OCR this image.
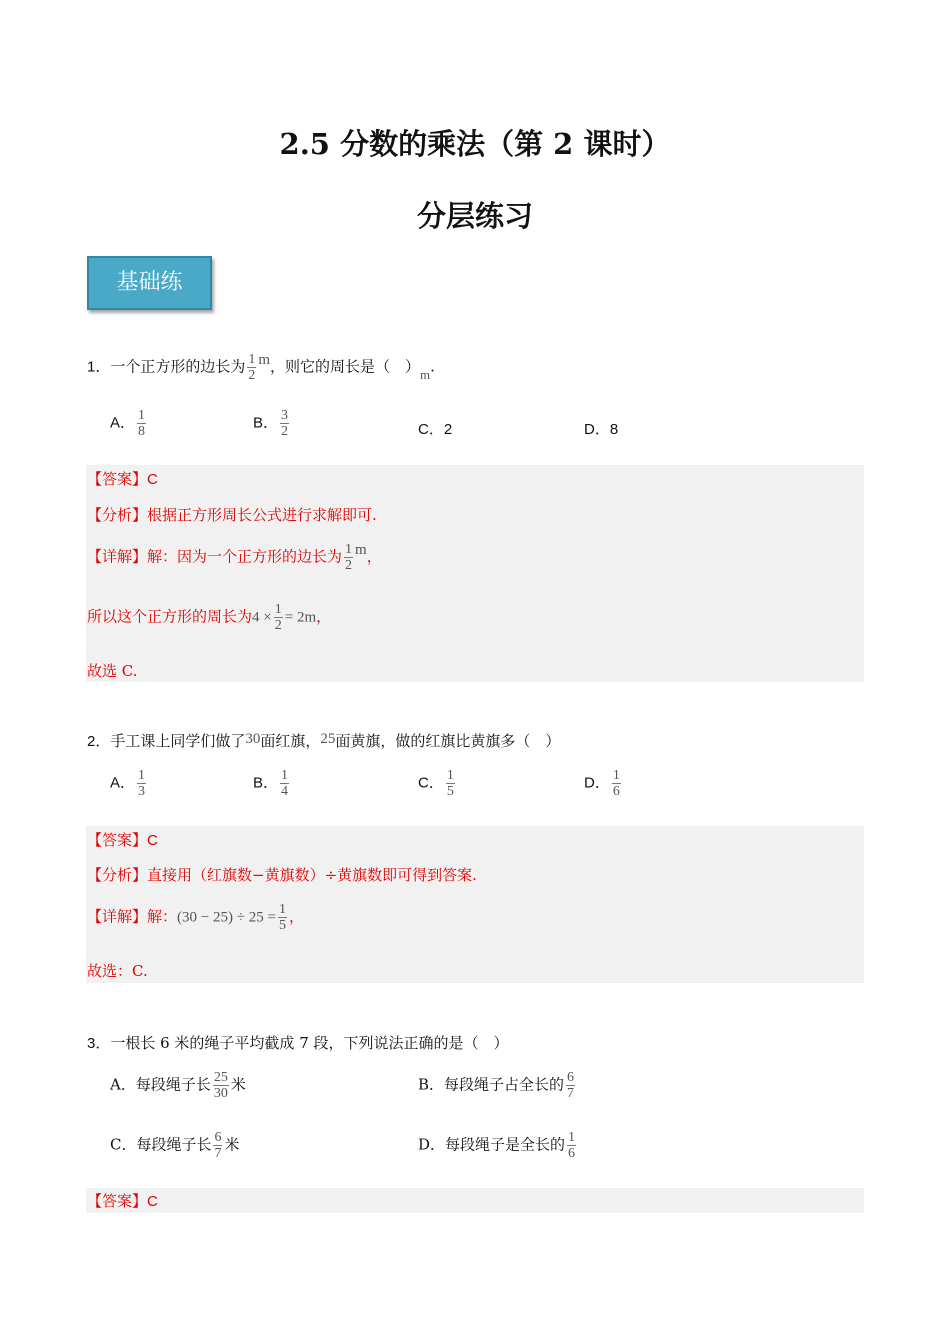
2.5 分数的乘法（第 2 课时）
分层练习
基础练
1．一个正方形的边长为 $\frac{1}{2}$ m，则它的周长是（　）m.
A． $\frac{1}{8}$	B． $\frac{3}{2}$	C．2	D．8
【答案】C
【分析】根据正方形周长公式进行求解即可.
【详解】解：因为一个正方形的边长为 $\frac{1}{2}$ m，
所以这个正方形的周长为$4 \times \frac{1}{2} = 2m$，
故选 C.
2．手工课上同学们做了30面红旗，25面黄旗，做的红旗比黄旗多（　）
A． $\frac{1}{3}$	B． $\frac{1}{4}$	C． $\frac{1}{5}$	D． $\frac{1}{6}$
【答案】C
【分析】直接用（红旗数−黄旗数）÷黄旗数即可得到答案.
【详解】解：$(30 - 25) \div 25 = \frac{1}{5}$ ，
故选：C.
3．一根长 6 米的绳子平均截成 7 段，下列说法正确的是（　）
A．每段绳子长 $\frac{25}{30}$ 米	B．每段绳子占全长的 $\frac{6}{7}$
C．每段绳子长 $\frac{6}{7}$ 米	D．每段绳子是全长的 $\frac{1}{6}$
【答案】C
